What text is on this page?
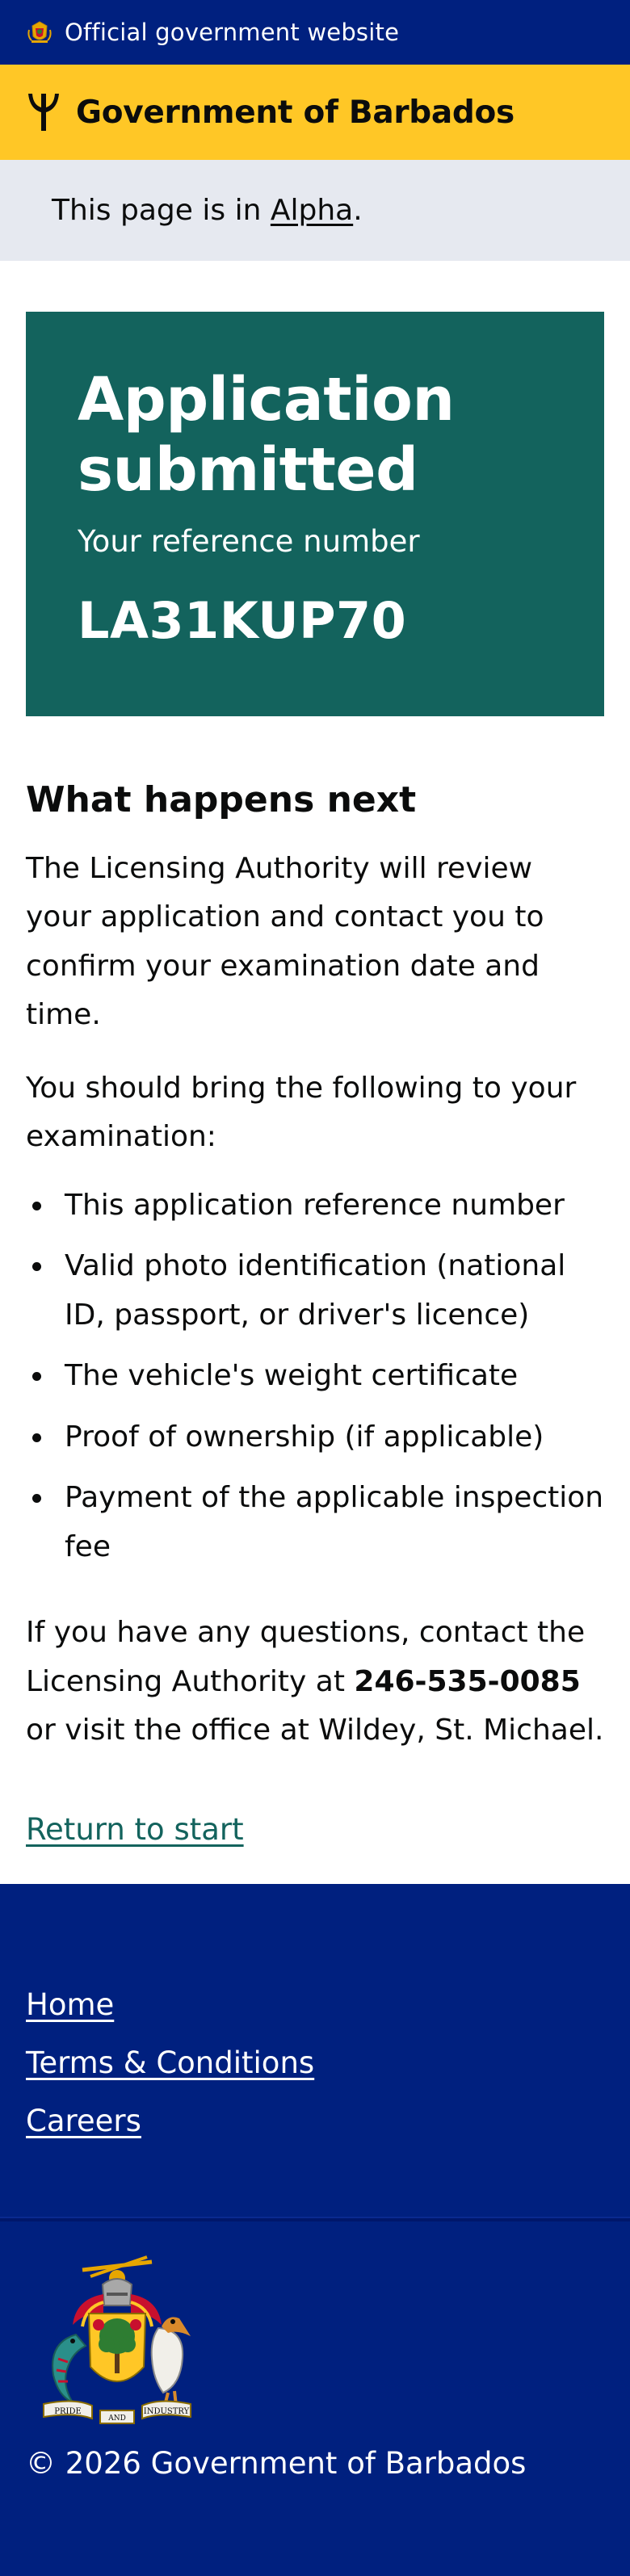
Official government website
Government of Barbados
This page is in
Alpha .
Application submitted
Your reference number
LA31KUP70
What happens next

The Licensing Authority will review your application and contact you to confirm your examination date and time.

You should bring the following to your examination:

This application reference number
Valid photo identification (national ID, passport, or driver's licence)
The vehicle's weight certificate
Proof of ownership (if applicable)
Payment of the applicable inspection fee

If you have any questions, contact the Licensing Authority at 246-535-0085 or visit the office at Wildey, St. Michael.

Return to start
Home
Terms & Conditions
Careers
PRIDE
AND
INDUSTRY

© 2026 Government of Barbados
